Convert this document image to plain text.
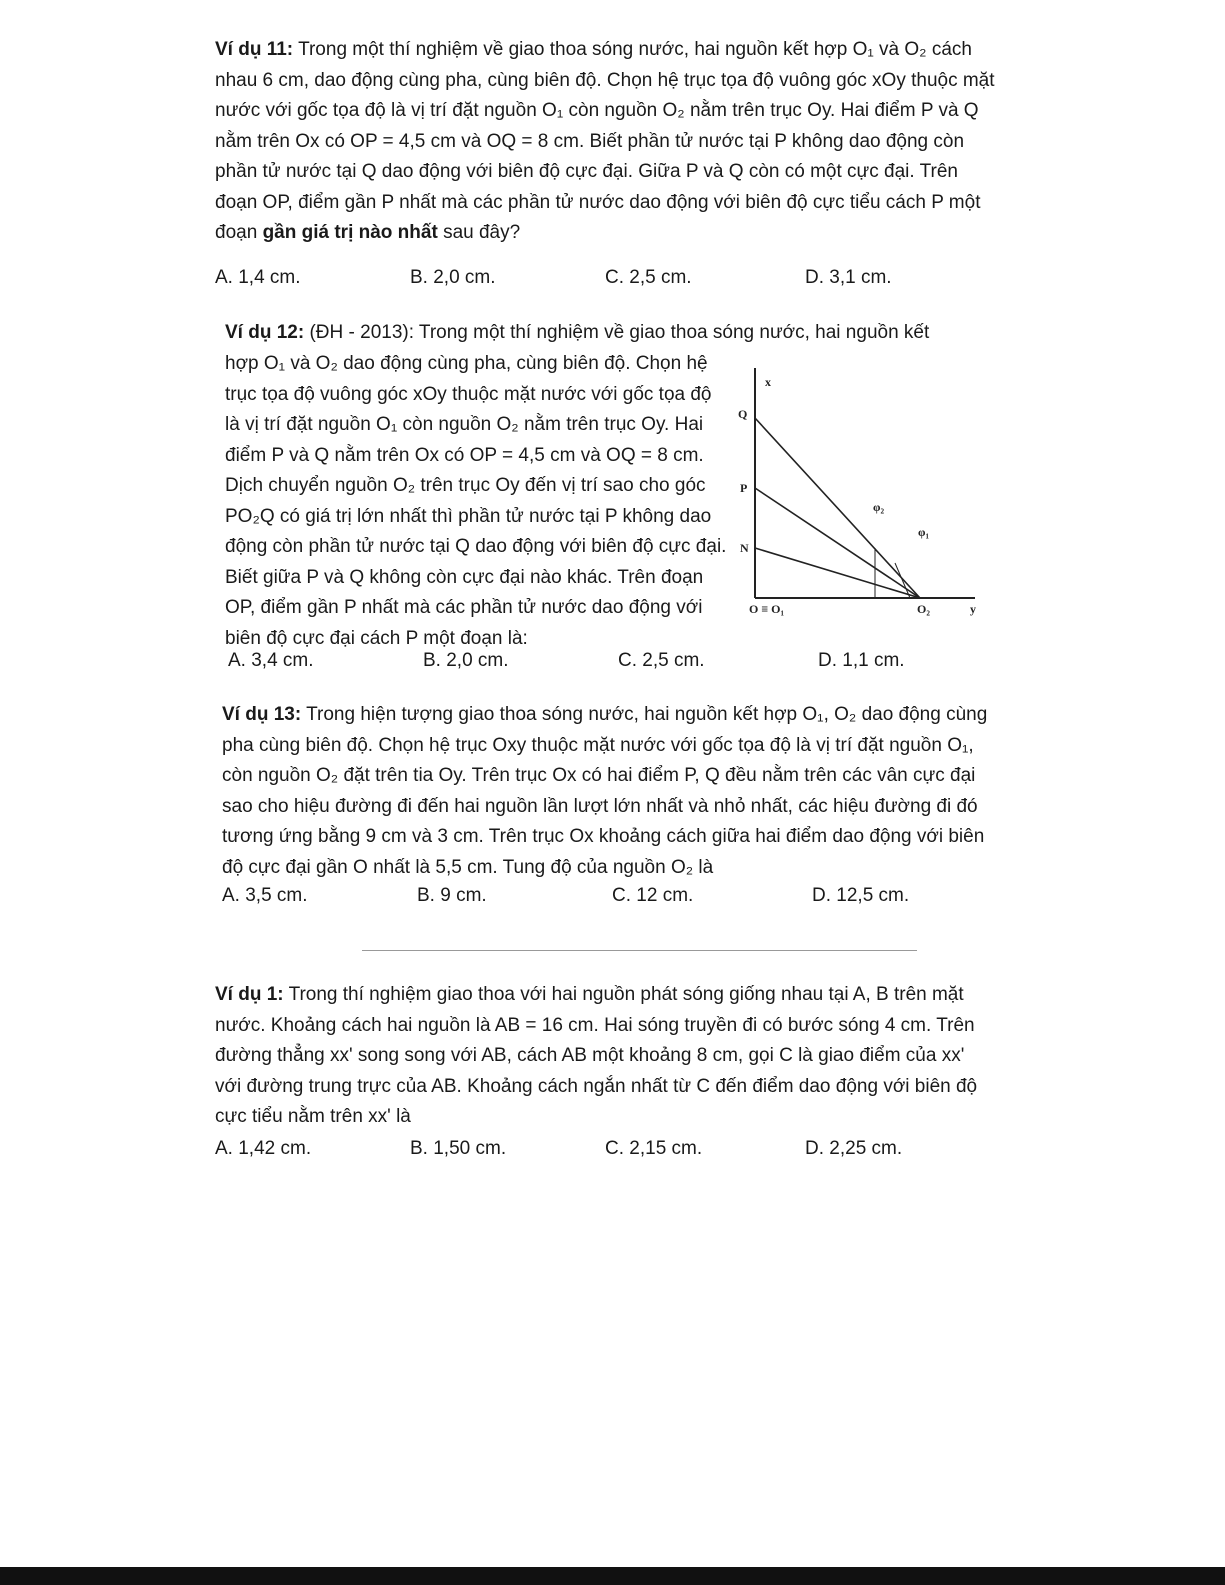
Ví dụ 11: Trong một thí nghiệm về giao thoa sóng nước, hai nguồn kết hợp O₁ và O₂ cách nhau 6 cm, dao động cùng pha, cùng biên độ. Chọn hệ trục tọa độ vuông góc xOy thuộc mặt nước với gốc tọa độ là vị trí đặt nguồn O₁ còn nguồn O₂ nằm trên trục Oy. Hai điểm P và Q nằm trên Ox có OP = 4,5 cm và OQ = 8 cm. Biết phần tử nước tại P không dao động còn phần tử nước tại Q dao động với biên độ cực đại. Giữa P và Q còn có một cực đại. Trên đoạn OP, điểm gần P nhất mà các phần tử nước dao động với biên độ cực tiểu cách P một đoạn gần giá trị nào nhất sau đây?

A. 1,4 cm.	B. 2,0 cm.	C. 2,5 cm.	D. 3,1 cm.

Ví dụ 12: (ĐH - 2013): Trong một thí nghiệm về giao thoa sóng nước, hai nguồn kết

hợp O₁ và O₂ dao động cùng pha, cùng biên độ. Chọn hệ trục tọa độ vuông góc xOy thuộc mặt nước với gốc tọa độ là vị trí đặt nguồn O₁ còn nguồn O₂ nằm trên trục Oy. Hai điểm P và Q nằm trên Ox có OP = 4,5 cm và OQ = 8 cm. Dịch chuyển nguồn O₂ trên trục Oy đến vị trí sao cho góc PO₂Q có giá trị lớn nhất thì phần tử nước tại P không dao động còn phần tử nước tại Q dao động với biên độ cực đại. Biết giữa P và Q không còn cực đại nào khác. Trên đoạn OP, điểm gần P nhất mà các phần tử nước dao động với biên độ cực đại cách P một đoạn là:

x
Q
P
N
O ≡ O₁	O₂	y
φ₂
φ₁
A. 3,4 cm.	B. 2,0 cm.	C. 2,5 cm.	D. 1,1 cm.

Ví dụ 13: Trong hiện tượng giao thoa sóng nước, hai nguồn kết hợp O₁, O₂ dao động cùng pha cùng biên độ. Chọn hệ trục Oxy thuộc mặt nước với gốc tọa độ là vị trí đặt nguồn O₁, còn nguồn O₂ đặt trên tia Oy. Trên trục Ox có hai điểm P, Q đều nằm trên các vân cực đại sao cho hiệu đường đi đến hai nguồn lần lượt lớn nhất và nhỏ nhất, các hiệu đường đi đó tương ứng bằng 9 cm và 3 cm. Trên trục Ox khoảng cách giữa hai điểm dao động với biên độ cực đại gần O nhất là 5,5 cm. Tung độ của nguồn O₂ là

A. 3,5 cm.	B. 9 cm.	C. 12 cm.	D. 12,5 cm.

Ví dụ 1: Trong thí nghiệm giao thoa với hai nguồn phát sóng giống nhau tại A, B trên mặt nước. Khoảng cách hai nguồn là AB = 16 cm. Hai sóng truyền đi có bước sóng 4 cm. Trên đường thẳng xx' song song với AB, cách AB một khoảng 8 cm, gọi C là giao điểm của xx' với đường trung trực của AB. Khoảng cách ngắn nhất từ C đến điểm dao động với biên độ cực tiểu nằm trên xx' là

A. 1,42 cm.	B. 1,50 cm.	C. 2,15 cm.	D. 2,25 cm.
